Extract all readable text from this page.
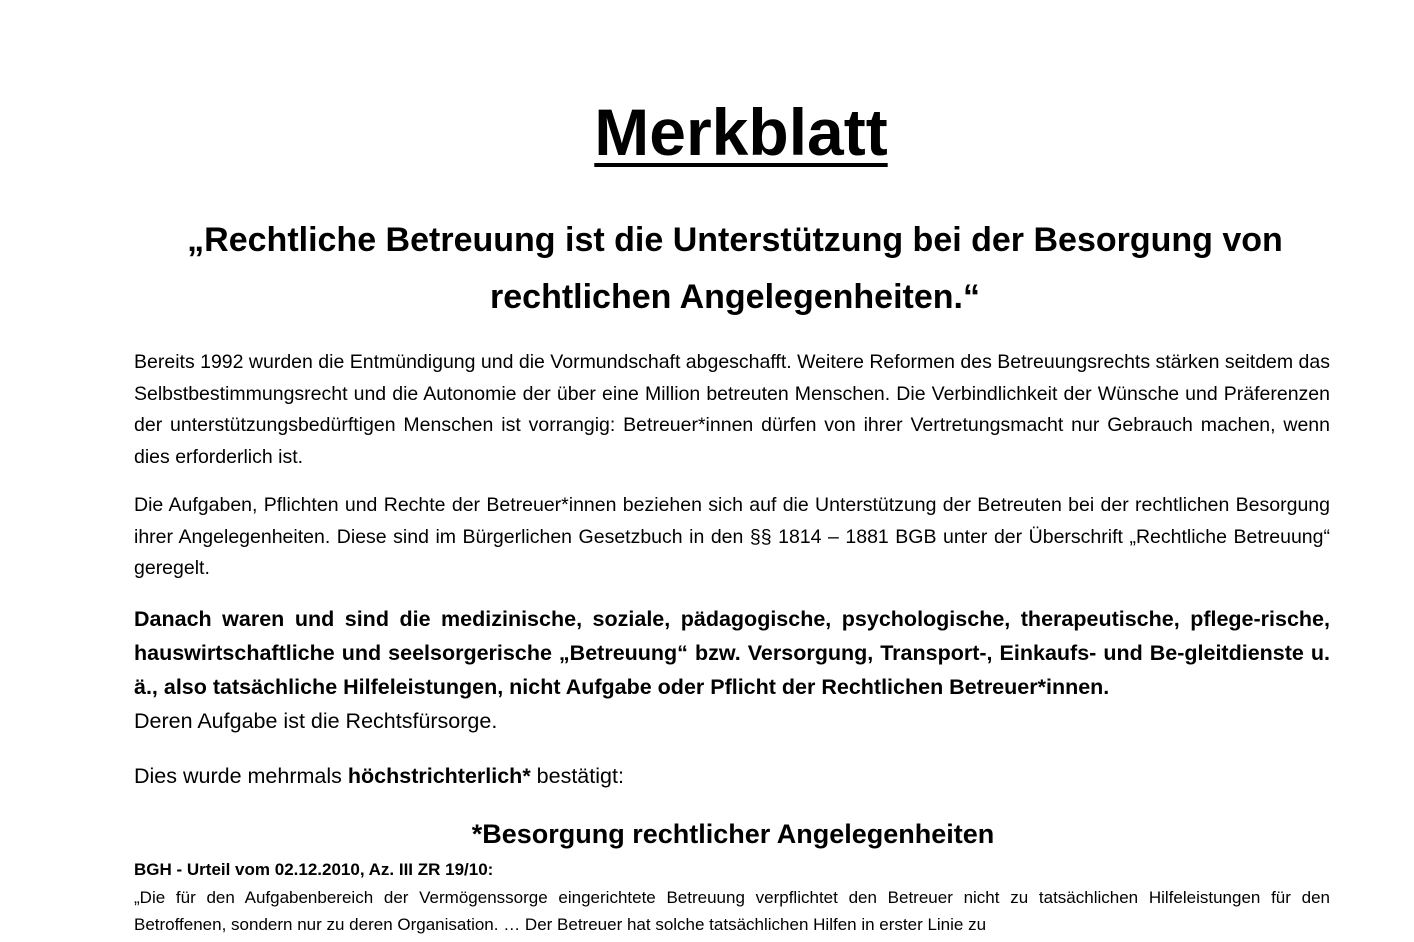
Merkblatt

„Rechtliche Betreuung ist die Unterstützung bei der Besorgung von rechtlichen Angelegenheiten.“

Bereits 1992 wurden die Entmündigung und die Vormundschaft abgeschafft. Weitere Reformen des Betreuungsrechts stärken seitdem das Selbstbestimmungsrecht und die Autonomie der über eine Million betreuten Menschen. Die Verbindlichkeit der Wünsche und Präferenzen der unterstützungsbedürftigen Menschen ist vorrangig: Betreuer*innen dürfen von ihrer Vertretungsmacht nur Gebrauch machen, wenn dies erforderlich ist.

Die Aufgaben, Pflichten und Rechte der Betreuer*innen beziehen sich auf die Unterstützung der Betreuten bei der rechtlichen Besorgung ihrer Angelegenheiten. Diese sind im Bürgerlichen Gesetzbuch in den §§ 1814 – 1881 BGB unter der Überschrift „Rechtliche Betreuung“ geregelt.

Danach waren und sind die medizinische, soziale, pädagogische, psychologische, therapeutische, pflege-rische, hauswirtschaftliche und seelsorgerische „Betreuung“ bzw. Versorgung, Transport-, Einkaufs- und Be-gleitdienste u. ä., also tatsächliche Hilfeleistungen, nicht Aufgabe oder Pflicht der Rechtlichen Betreuer*innen.
Deren Aufgabe ist die Rechtsfürsorge.

Dies wurde mehrmals höchstrichterlich* bestätigt:

*Besorgung rechtlicher Angelegenheiten

BGH - Urteil vom 02.12.2010, Az. III ZR 19/10:

„Die für den Aufgabenbereich der Vermögenssorge eingerichtete Betreuung verpflichtet den Betreuer nicht zu tatsächlichen Hilfeleistungen für den Betroffenen, sondern nur zu deren Organisation. … Der Betreuer hat solche tatsächlichen Hilfen in erster Linie zu
